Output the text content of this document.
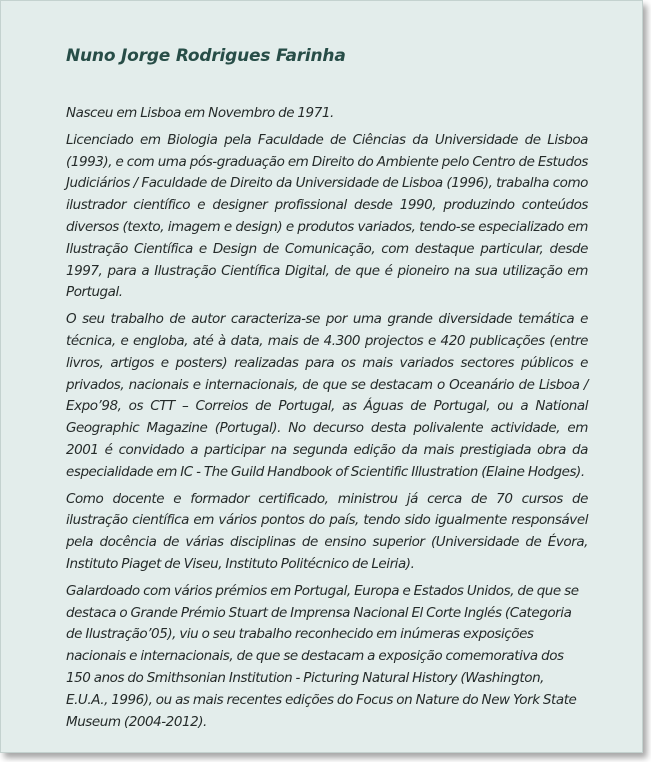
Nuno Jorge Rodrigues Farinha

Nasceu em Lisboa em Novembro de 1971.

Licenciado em Biologia pela Faculdade de Ciências da Universidade de Lisboa (1993), e com uma pós-graduação em Direito do Ambiente pelo Centro de Estudos Judiciários / Faculdade de Direito da Universidade de Lisboa (1996), trabalha como ilustrador científico e designer profissional desde 1990, produzindo conteúdos diversos (texto, imagem e design) e produtos variados, tendo-se especializado em Ilustração Científica e Design de Comunicação, com destaque particular, desde 1997, para a Ilustração Científica Digital, de que é pioneiro na sua utilização em Portugal.

O seu trabalho de autor caracteriza-se por uma grande diversidade temática e técnica, e engloba, até à data, mais de 4.300 projectos e 420 publicações (entre livros, artigos e posters) realizadas para os mais variados sectores públicos e privados, nacionais e internacionais, de que se destacam o Oceanário de Lisboa / Expo’98, os CTT – Correios de Portugal, as Águas de Portugal, ou a National Geographic Magazine (Portugal). No decurso desta polivalente actividade, em 2001 é convidado a participar na segunda edição da mais prestigiada obra da especialidade em IC - The Guild Handbook of Scientific Illustration (Elaine Hodges).

Como docente e formador certificado, ministrou já cerca de 70 cursos de ilustração científica em vários pontos do país, tendo sido igualmente responsável pela docência de várias disciplinas de ensino superior (Universidade de Évora, Instituto Piaget de Viseu, Instituto Politécnico de Leiria).

Galardoado com vários prémios em Portugal, Europa e Estados Unidos, de que se destaca o Grande Prémio Stuart de Imprensa Nacional El Corte Inglés (Categoria de Ilustração’05), viu o seu trabalho reconhecido em inúmeras exposições nacionais e internacionais, de que se destacam a exposição comemorativa dos 150 anos do Smithsonian Institution - Picturing Natural History (Washington, E.U.A., 1996), ou as mais recentes edições do Focus on Nature do New York State Museum (2004-2012).
